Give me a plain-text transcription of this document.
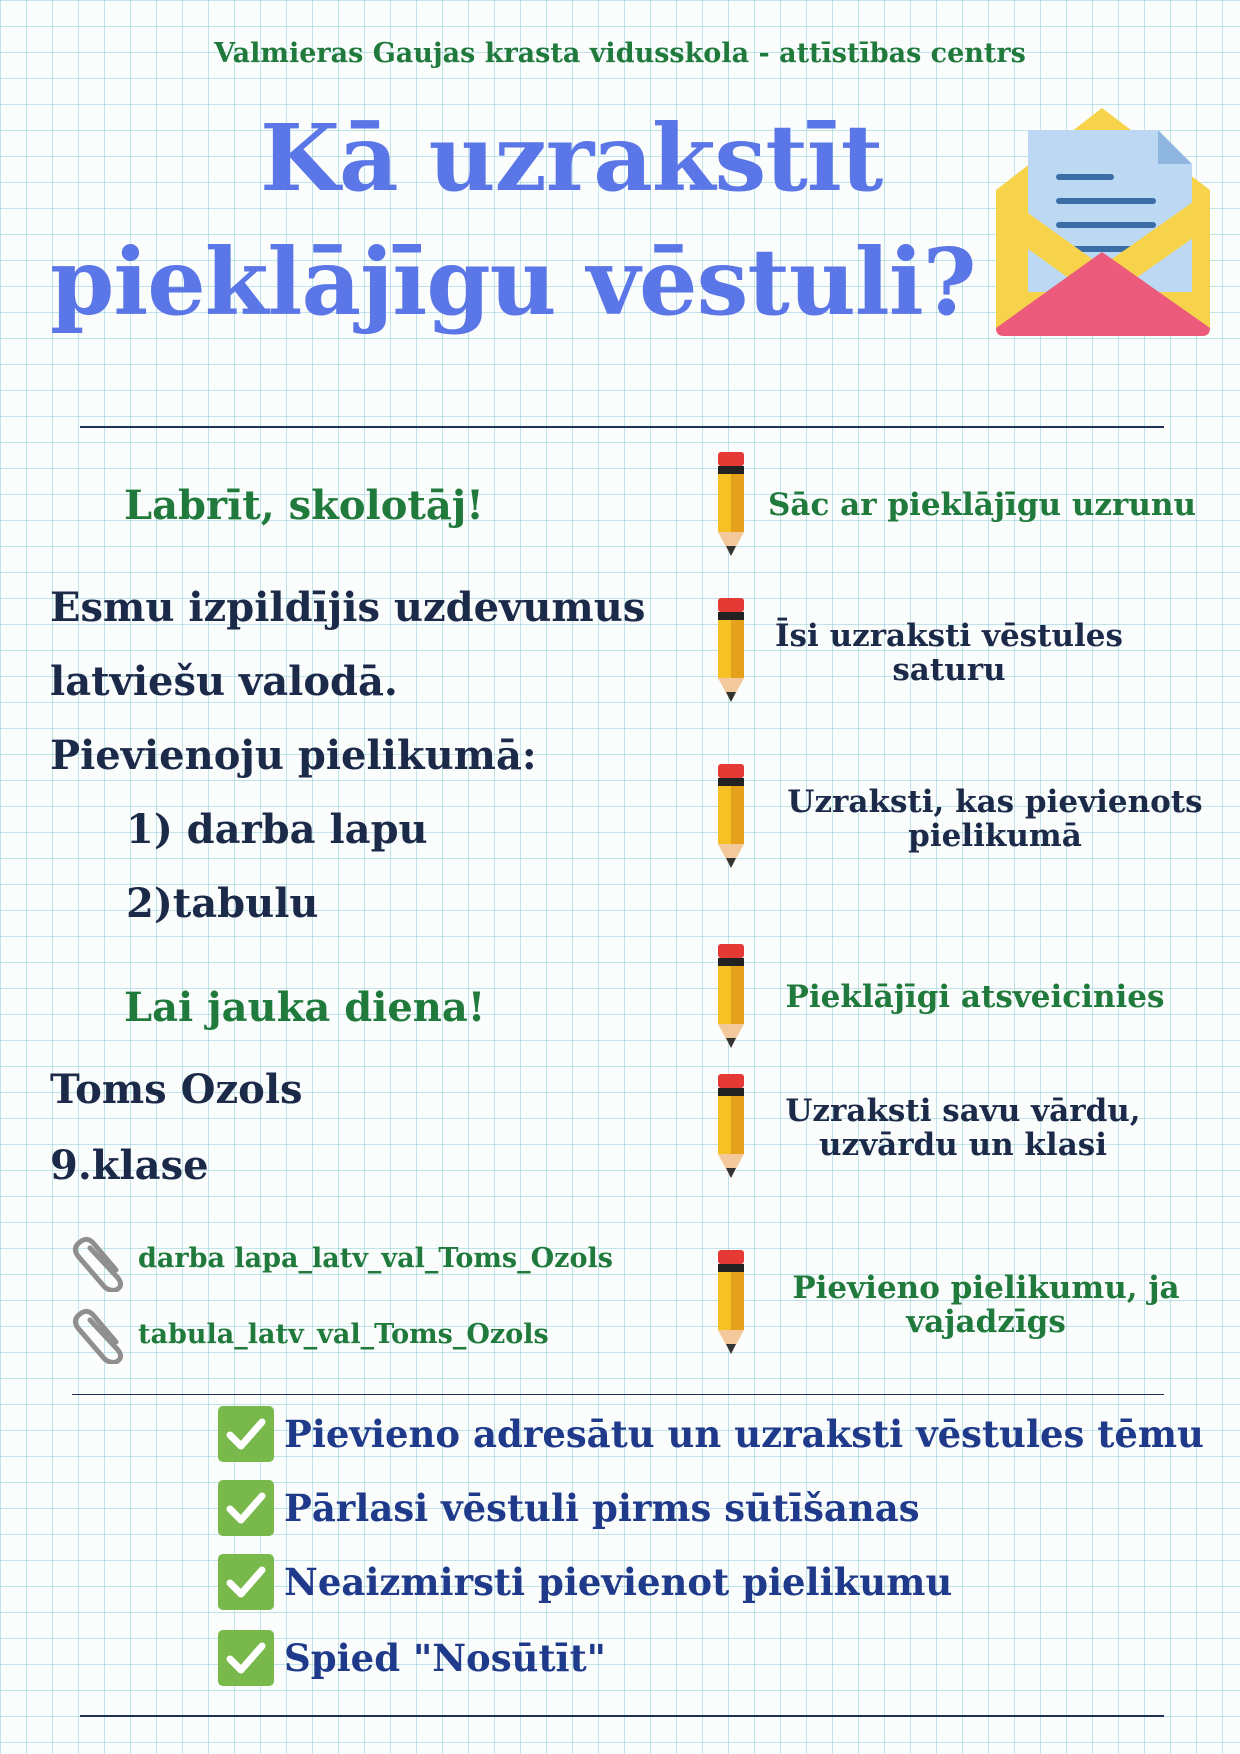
Valmieras Gaujas krasta vidusskola - attīstības centrs
Kā uzrakstīt
pieklājīgu vēstuli?
Labrīt, skolotāj!
Esmu izpildījis uzdevumus
latviešu valodā.
Pievienoju pielikumā:
1) darba lapu
2)tabulu
Lai jauka diena!
Toms Ozols
9.klase
darba lapa_latv_val_Toms_Ozols
tabula_latv_val_Toms_Ozols
Sāc ar pieklājīgu uzrunu
Īsi uzraksti vēstules saturu
Uzraksti, kas pievienots pielikumā
Pieklājīgi atsveicinies
Uzraksti savu vārdu, uzvārdu un klasi
Pievieno pielikumu, ja vajadzīgs
Pievieno adresātu un uzraksti vēstules tēmu
Pārlasi vēstuli pirms sūtīšanas
Neaizmirsti pievienot pielikumu
Spied "Nosūtīt"
